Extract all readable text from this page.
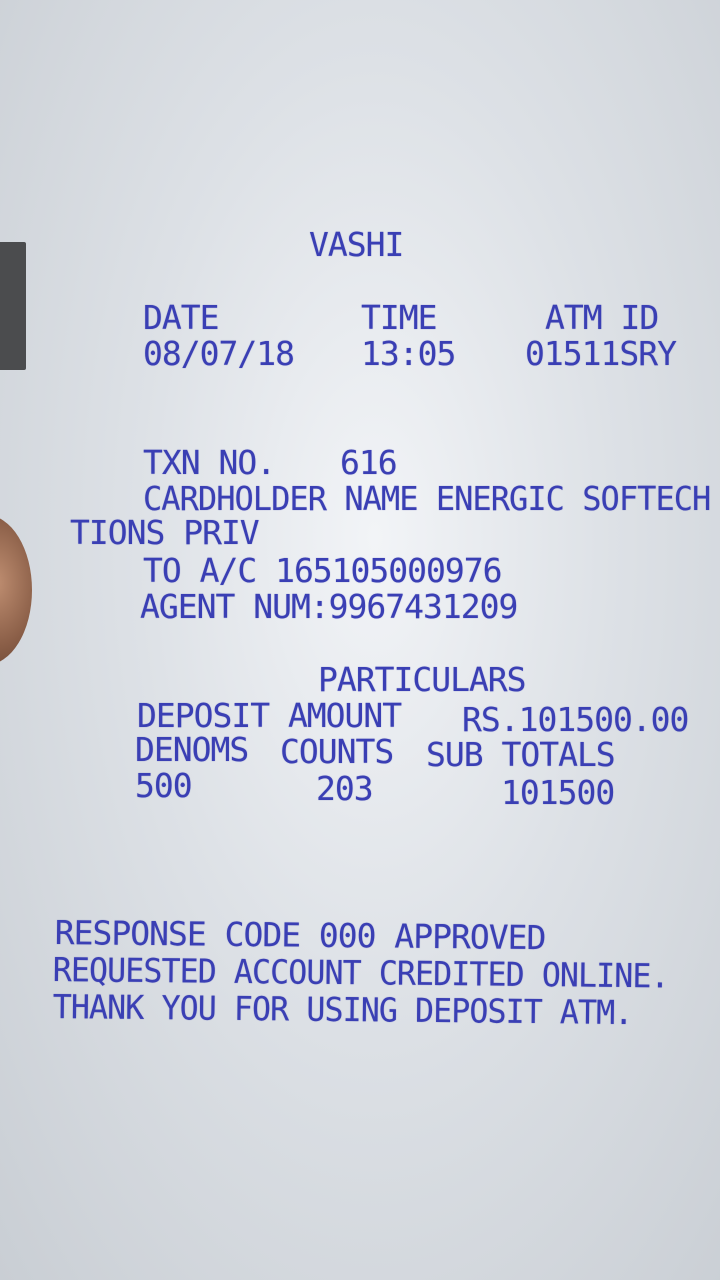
VASHI
DATE	TIME	ATM ID
08/07/18 13:05 01511SRY
TXN NO. 616
CARDHOLDER NAME ENERGIC SOFTECH
TIONS PRIV
TO A/C 165105000976
AGENT NUM:9967431209
PARTICULARS
DEPOSIT AMOUNT RS.101500.00
DENOMS COUNTS SUB TOTALS
500	203	101500
RESPONSE CODE 000 APPROVED
REQUESTED ACCOUNT CREDITED ONLINE.
THANK YOU FOR USING DEPOSIT ATM.
